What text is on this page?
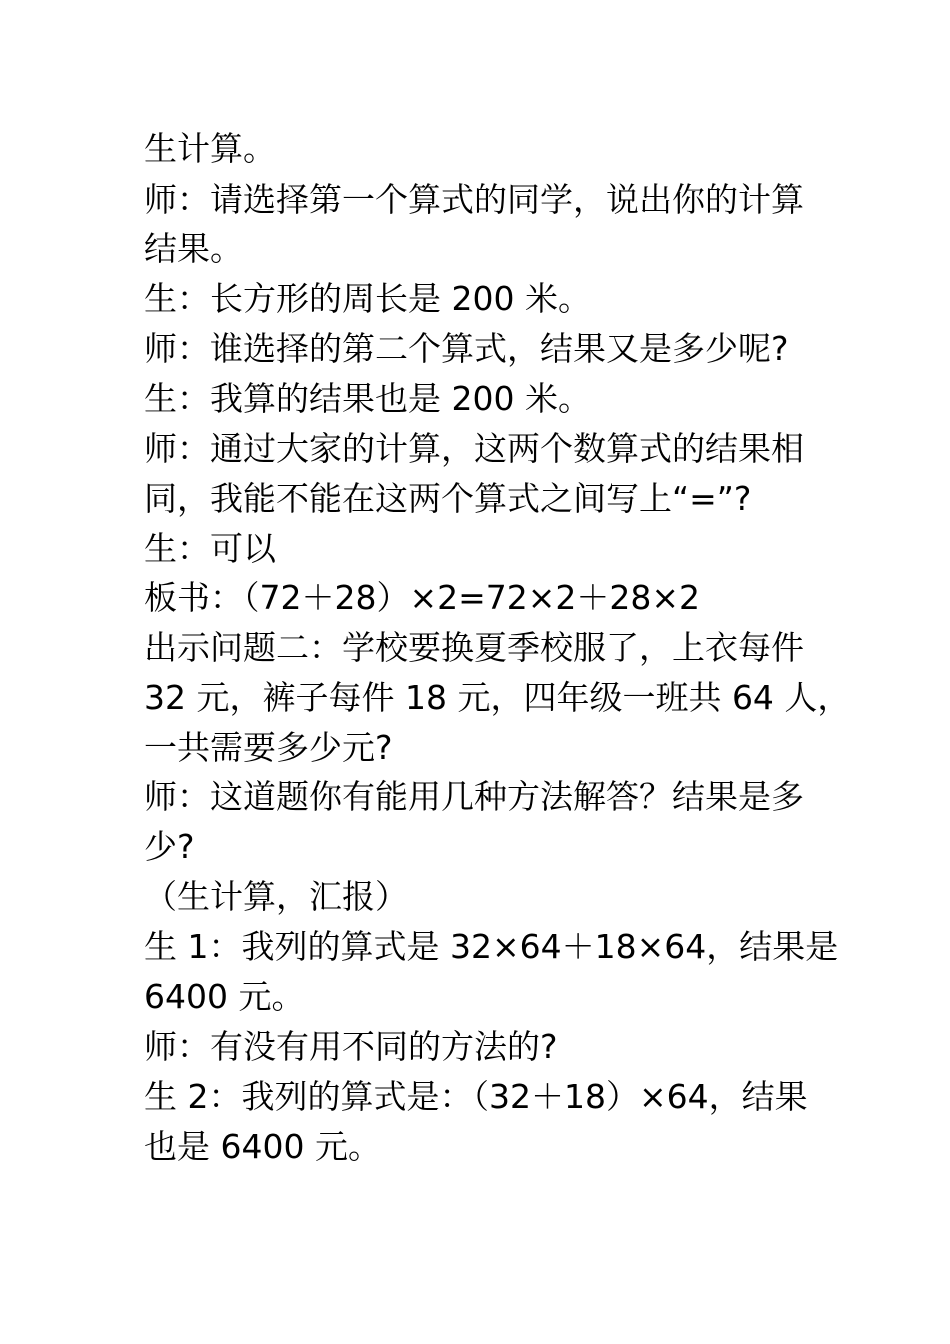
生计算。
师：请选择第一个算式的同学，说出你的计算
结果。
生：长方形的周长是 200 米。
师：谁选择的第二个算式，结果又是多少呢?
生：我算的结果也是 200 米。
师：通过大家的计算，这两个数算式的结果相
同，我能不能在这两个算式之间写上“=”?
生：可以
板书：（72＋28）×2=72×2＋28×2
出示问题二：学校要换夏季校服了，上衣每件
32 元，裤子每件 18 元，四年级一班共 64 人，
一共需要多少元?
师：这道题你有能用几种方法解答？结果是多
少?
（生计算，汇报）
生 1：我列的算式是 32×64＋18×64，结果是
6400 元。
师：有没有用不同的方法的?
生 2：我列的算式是：（32＋18）×64，结果
也是 6400 元。
